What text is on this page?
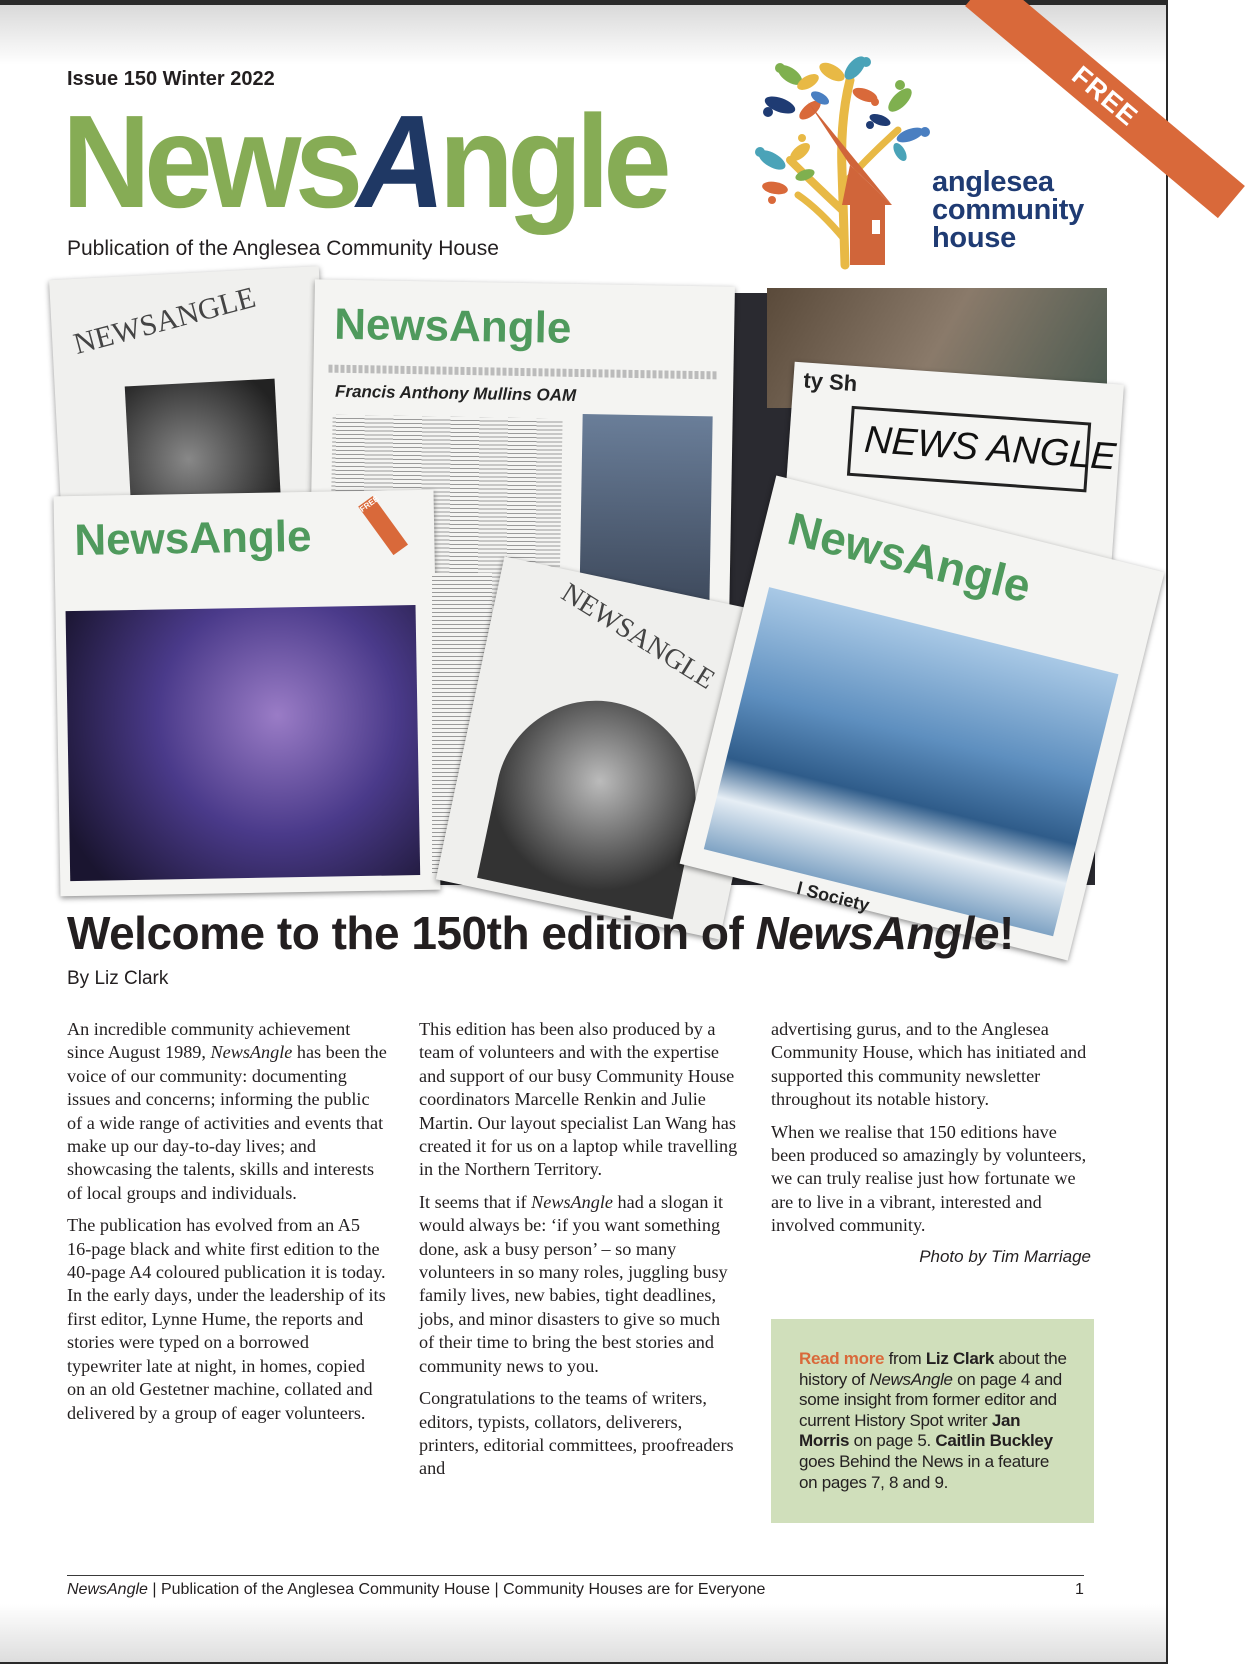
Issue 150 Winter 2022
NewsAngle
Publication of the Anglesea Community House
FREE
anglesea
community
house
NEWSANGLE NewsAngle
Francis Anthony Mullins OAM	ty Sh
NEWS ANGLE
NewsAngle
FREE
NEWSANGLE
NewsAngle
l Society
Welcome to the 150th edition of NewsAngle!
By Liz Clark

An incredible community achievement since August 1989, NewsAngle has been the voice of our community: documenting issues and concerns; informing the public of a wide range of activities and events that make up our day-to-day lives; and showcasing the talents, skills and interests of local groups and individuals.

The publication has evolved from an A5 16-page black and white first edition to the 40-page A4 coloured publication it is today. In the early days, under the leadership of its first editor, Lynne Hume, the reports and stories were typed on a borrowed typewriter late at night, in homes, copied on an old Gestetner machine, collated and delivered by a group of eager volunteers.

This edition has been also produced by a team of volunteers and with the expertise and support of our busy Community House coordinators Marcelle Renkin and Julie Martin. Our layout specialist Lan Wang has created it for us on a laptop while travelling in the Northern Territory.

It seems that if NewsAngle had a slogan it would always be: ‘if you want something done, ask a busy person’ – so many volunteers in so many roles, juggling busy family lives, new babies, tight deadlines, jobs, and minor disasters to give so much of their time to bring the best stories and community news to you.

Congratulations to the teams of writers, editors, typists, collators, deliverers, printers, editorial committees, proofreaders and

advertising gurus, and to the Anglesea Community House, which has initiated and supported this community newsletter throughout its notable history.

When we realise that 150 editions have been produced so amazingly by volunteers, we can truly realise just how fortunate we are to live in a vibrant, interested and involved community.

Photo by Tim Marriage
Read more from Liz Clark about the history of NewsAngle on page 4 and some insight from former editor and current History Spot writer Jan Morris on page 5. Caitlin Buckley goes Behind the News in a feature on pages 7, 8 and 9.
NewsAngle | Publication of the Anglesea Community House | Community Houses are for Everyone	1
